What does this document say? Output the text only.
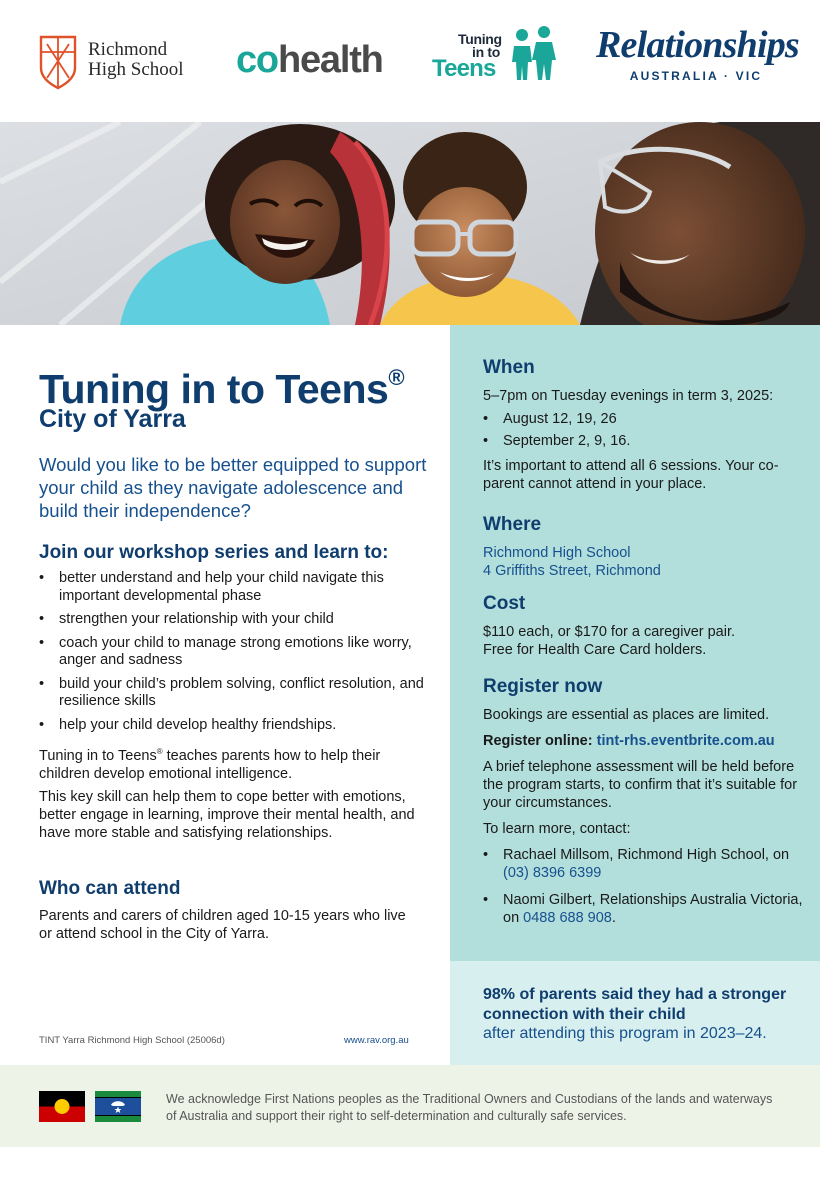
Richmond
High School cohealth	Tuning
in to
Teens
Relationships
AUSTRALIA · VIC
Tuning in to Teens®
City of Yarra

Would you like to be better equipped to support your child as they navigate adolescence and build their independence?

Join our workshop series and learn to:
• better understand and help your child navigate this important developmental phase
• strengthen your relationship with your child
• coach your child to manage strong emotions like worry, anger and sadness
• build your child’s problem solving, conflict resolution, and resilience skills
• help your child develop healthy friendships.

Tuning in to Teens® teaches parents how to help their children develop emotional intelligence.

This key skill can help them to cope better with emotions, better engage in learning, improve their mental health, and have more stable and satisfying relationships.

Who can attend

Parents and carers of children aged 10-15 years who live or attend school in the City of Yarra.

TINT Yarra Richmond High School (25006d)	www.rav.org.au
When
5–7pm on Tuesday evenings in term 3, 2025:
• August 12, 19, 26
• September 2, 9, 16.
It’s important to attend all 6 sessions. Your co-parent cannot attend in your place.
Where
Richmond High School
4 Griffiths Street, Richmond
Cost
$110 each, or $170 for a caregiver pair.
Free for Health Care Card holders.
Register now
Bookings are essential as places are limited.
Register online: tint-rhs.eventbrite.com.au
A brief telephone assessment will be held before the program starts, to confirm that it’s suitable for your circumstances.
To learn more, contact:
• Rachael Millsom, Richmond High School, on (03) 8396 6399
• Naomi Gilbert, Relationships Australia Victoria, on 0488 688 908.
98% of parents said they had a stronger connection with their child
after attending this program in 2023–24.

We acknowledge First Nations peoples as the Traditional Owners and Custodians of the lands and waterways of Australia and support their right to self-determination and culturally safe services.
